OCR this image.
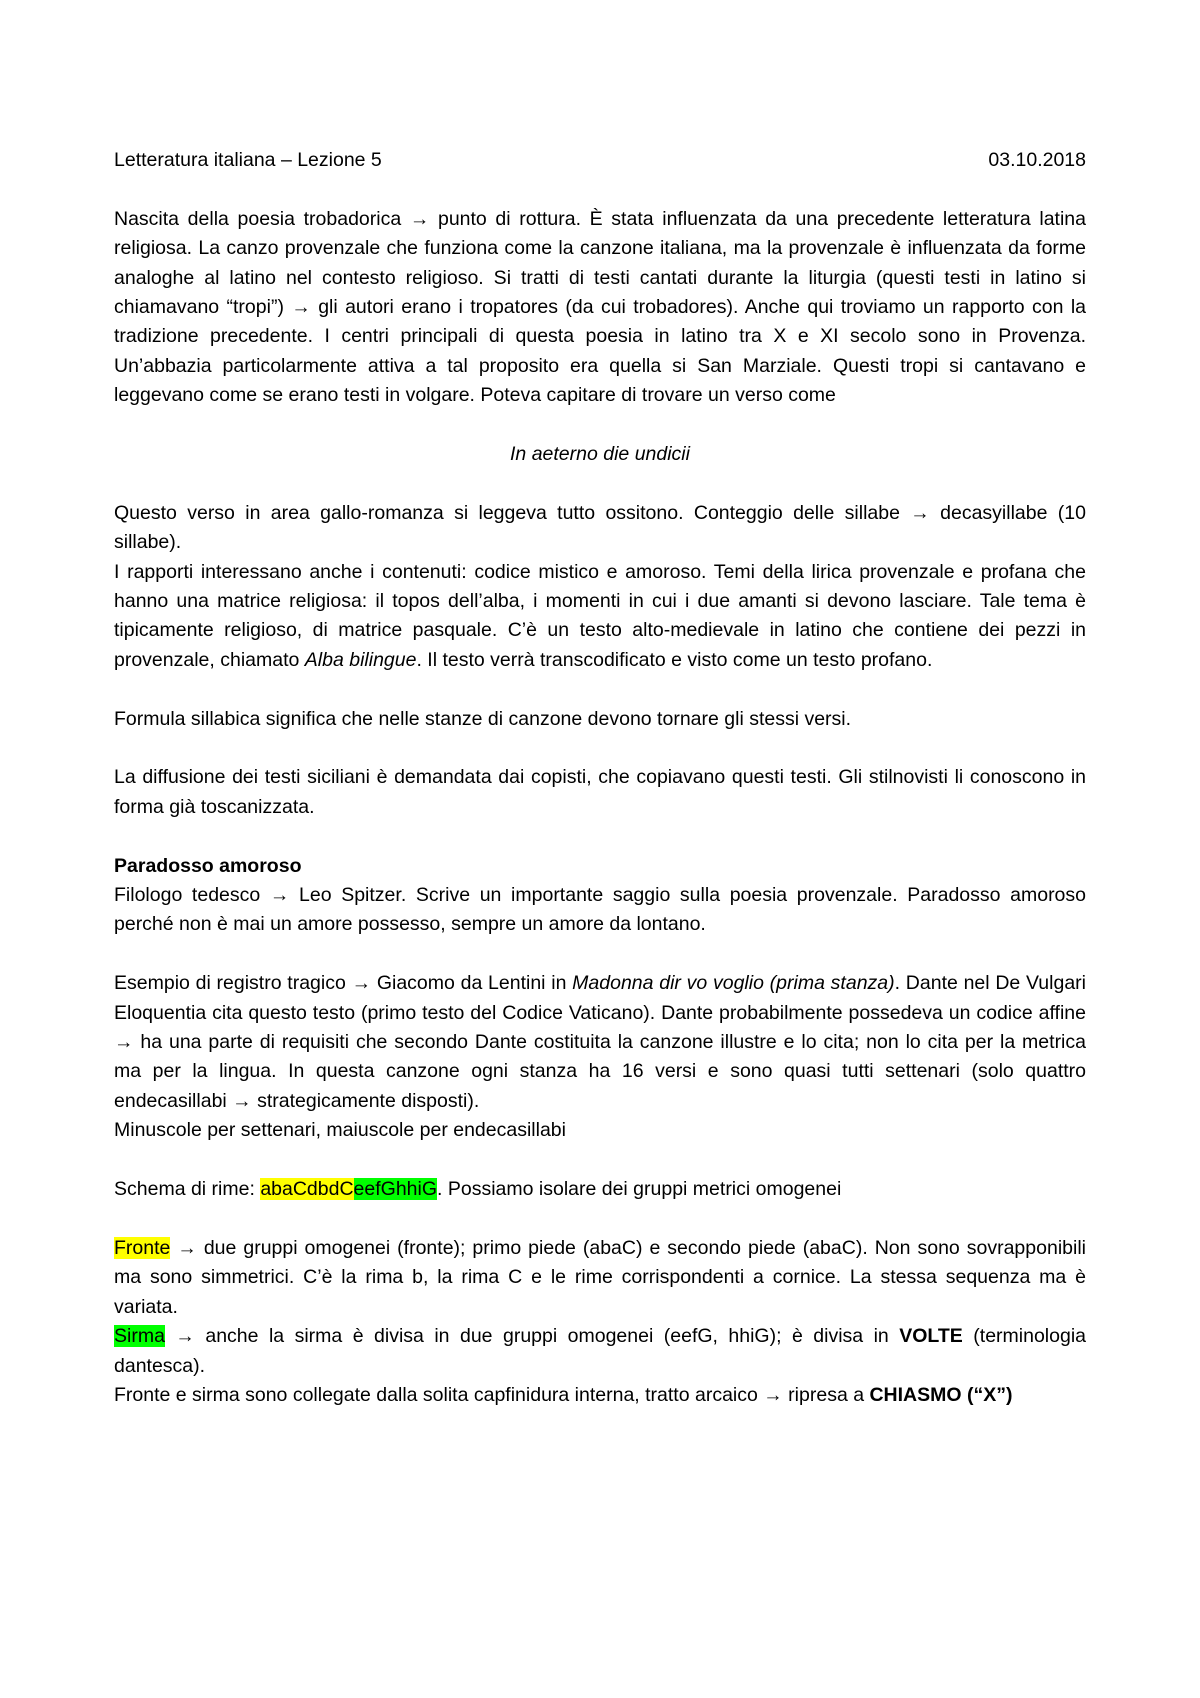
Letteratura italiana – Lezione 5	03.10.2018

Nascita della poesia trobadorica → punto di rottura. È stata influenzata da una precedente letteratura latina religiosa. La canzo provenzale che funziona come la canzone italiana, ma la provenzale è influenzata da forme analoghe al latino nel contesto religioso. Si tratti di testi cantati durante la liturgia (questi testi in latino si chiamavano “tropi”) → gli autori erano i tropatores (da cui trobadores). Anche qui troviamo un rapporto con la tradizione precedente. I centri principali di questa poesia in latino tra X e XI secolo sono in Provenza. Un’abbazia particolarmente attiva a tal proposito era quella si San Marziale. Questi tropi si cantavano e leggevano come se erano testi in volgare. Poteva capitare di trovare un verso come

In aeterno die undicii

Questo verso in area gallo-romanza si leggeva tutto ossitono. Conteggio delle sillabe → decasyillabe (10 sillabe).

I rapporti interessano anche i contenuti: codice mistico e amoroso. Temi della lirica provenzale e profana che hanno una matrice religiosa: il topos dell’alba, i momenti in cui i due amanti si devono lasciare. Tale tema è tipicamente religioso, di matrice pasquale. C’è un testo alto-medievale in latino che contiene dei pezzi in provenzale, chiamato Alba bilingue. Il testo verrà transcodificato e visto come un testo profano.

Formula sillabica significa che nelle stanze di canzone devono tornare gli stessi versi.

La diffusione dei testi siciliani è demandata dai copisti, che copiavano questi testi. Gli stilnovisti li conoscono in forma già toscanizzata.

Paradosso amoroso

Filologo tedesco → Leo Spitzer. Scrive un importante saggio sulla poesia provenzale. Paradosso amoroso perché non è mai un amore possesso, sempre un amore da lontano.

Esempio di registro tragico → Giacomo da Lentini in Madonna dir vo voglio (prima stanza). Dante nel De Vulgari Eloquentia cita questo testo (primo testo del Codice Vaticano). Dante probabilmente possedeva un codice affine → ha una parte di requisiti che secondo Dante costituita la canzone illustre e lo cita; non lo cita per la metrica ma per la lingua. In questa canzone ogni stanza ha 16 versi e sono quasi tutti settenari (solo quattro endecasillabi → strategicamente disposti).

Minuscole per settenari, maiuscole per endecasillabi

Schema di rime: abaCdbdCeefGhhiG. Possiamo isolare dei gruppi metrici omogenei

Fronte → due gruppi omogenei (fronte); primo piede (abaC) e secondo piede (abaC). Non sono sovrapponibili ma sono simmetrici. C’è la rima b, la rima C e le rime corrispondenti a cornice. La stessa sequenza ma è variata.

Sirma → anche la sirma è divisa in due gruppi omogenei (eefG, hhiG); è divisa in VOLTE (terminologia dantesca).

Fronte e sirma sono collegate dalla solita capfinidura interna, tratto arcaico → ripresa a CHIASMO (“X”)
